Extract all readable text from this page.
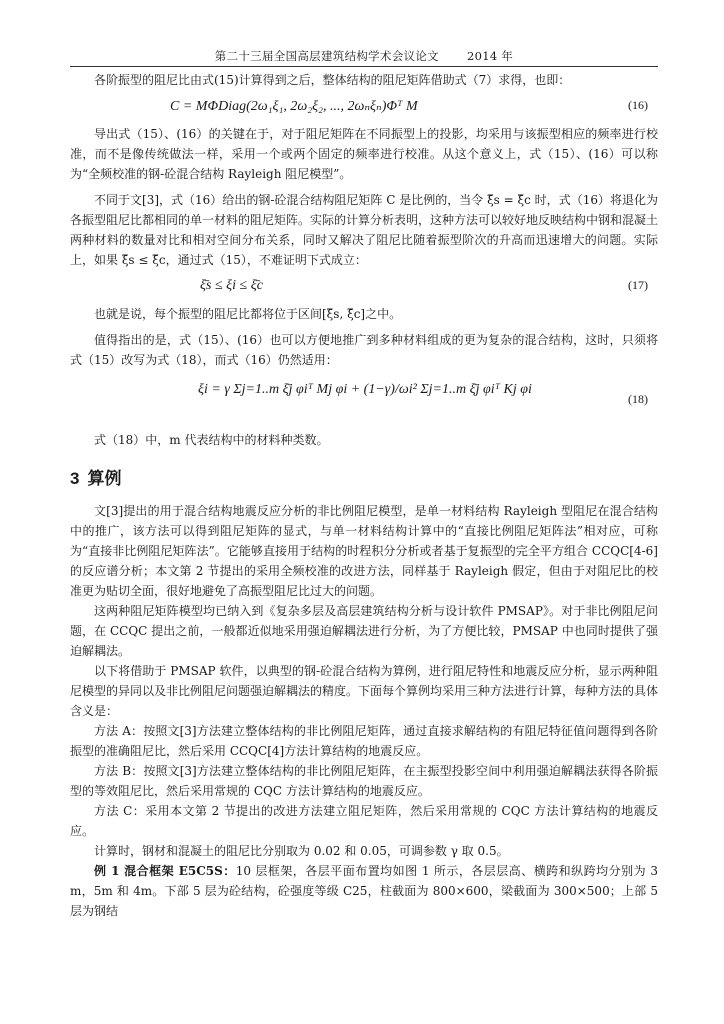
第二十三届全国高层建筑结构学术会议论文 2014 年

各阶振型的阻尼比由式(15)计算得到之后，整体结构的阻尼矩阵借助式（7）求得，也即：

C = MΦDiag(2ω₁ξ₁, 2ω₂ξ₂, ..., 2ωₙξₙ)Φᵀ M	(16)

导出式（15）、(16）的关键在于，对于阻尼矩阵在不同振型上的投影，均采用与该振型相应的频率进行校准，而不是像传统做法一样，采用一个或两个固定的频率进行校准。从这个意义上，式（15）、(16）可以称为“全频校准的钢-砼混合结构 Rayleigh 阻尼模型”。

不同于文[3]，式（16）给出的钢-砼混合结构阻尼矩阵 C 是比例的，当令 ξ̄s = ξ̄c 时，式（16）将退化为各振型阻尼比都相同的单一材料的阻尼矩阵。实际的计算分析表明，这种方法可以较好地反映结构中钢和混凝土两种材料的数量对比和相对空间分布关系，同时又解决了阻尼比随着振型阶次的升高而迅速增大的问题。实际上，如果 ξ̄s ≤ ξ̄c，通过式（15），不难证明下式成立：

ξ̄s ≤ ξi ≤ ξ̄c	(17)

也就是说，每个振型的阻尼比都将位于区间[ξ̄s, ξ̄c]之中。

值得指出的是，式（15）、(16）也可以方便地推广到多种材料组成的更为复杂的混合结构，这时，只须将式（15）改写为式（18），而式（16）仍然适用：

ξi = γ Σj=1..m ξ̄j φiᵀ Mj φi + (1−γ)/ωi² Σj=1..m ξ̄j φiᵀ Kj φi
(18)

式（18）中，m 代表结构中的材料种类数。

3 算例

文[3]提出的用于混合结构地震反应分析的非比例阻尼模型，是单一材料结构 Rayleigh 型阻尼在混合结构中的推广，该方法可以得到阻尼矩阵的显式，与单一材料结构计算中的“直接比例阻尼矩阵法”相对应，可称为“直接非比例阻尼矩阵法”。它能够直接用于结构的时程积分分析或者基于复振型的完全平方组合 CCQC[4-6]的反应谱分析；本文第 2 节提出的采用全频校准的改进方法，同样基于 Rayleigh 假定，但由于对阻尼比的校准更为贴切全面，很好地避免了高振型阻尼比过大的问题。

这两种阻尼矩阵模型均已纳入到《复杂多层及高层建筑结构分析与设计软件 PMSAP》。对于非比例阻尼问题，在 CCQC 提出之前，一般都近似地采用强迫解耦法进行分析，为了方便比较，PMSAP 中也同时提供了强迫解耦法。

以下将借助于 PMSAP 软件，以典型的钢-砼混合结构为算例，进行阻尼特性和地震反应分析，显示两种阻尼模型的异同以及非比例阻尼问题强迫解耦法的精度。下面每个算例均采用三种方法进行计算，每种方法的具体含义是：

方法 A：按照文[3]方法建立整体结构的非比例阻尼矩阵，通过直接求解结构的有阻尼特征值问题得到各阶振型的准确阻尼比，然后采用 CCQC[4]方法计算结构的地震反应。

方法 B：按照文[3]方法建立整体结构的非比例阻尼矩阵，在主振型投影空间中利用强迫解耦法获得各阶振型的等效阻尼比，然后采用常规的 CQC 方法计算结构的地震反应。

方法 C：采用本文第 2 节提出的改进方法建立阻尼矩阵，然后采用常规的 CQC 方法计算结构的地震反应。

计算时，钢材和混凝土的阻尼比分别取为 0.02 和 0.05，可调参数 γ 取 0.5。

例 1 混合框架 E5C5S：10 层框架，各层平面布置均如图 1 所示，各层层高、横跨和纵跨均分别为 3m，5m 和 4m。下部 5 层为砼结构，砼强度等级 C25，柱截面为 800×600，梁截面为 300×500；上部 5 层为钢结
